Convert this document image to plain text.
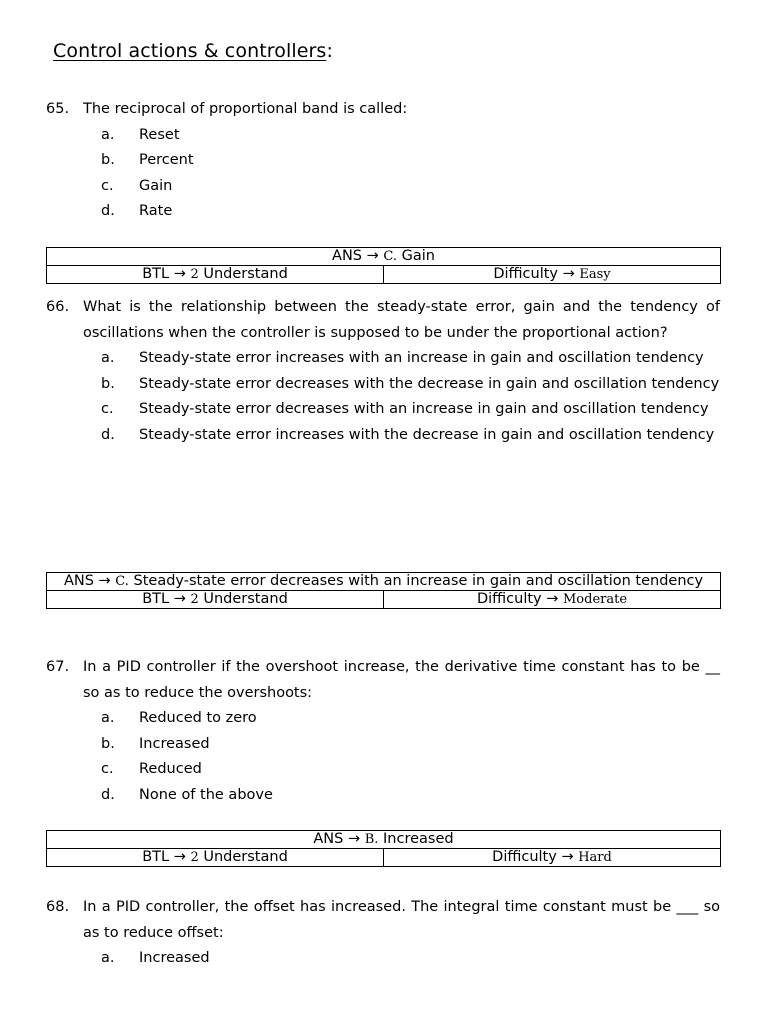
Control actions & controllers:
65. The reciprocal of proportional band is called:
a. Reset
b. Percent
c. Gain
d. Rate
ANS → C. Gain
BTL → 2 Understand	Difficulty → Easy
66. What is the relationship between the steady-state error, gain and the tendency of oscillations when the controller is supposed to be under the proportional action?
a. Steady-state error increases with an increase in gain and oscillation tendency
b. Steady-state error decreases with the decrease in gain and oscillation tendency
c. Steady-state error decreases with an increase in gain and oscillation tendency
d. Steady-state error increases with the decrease in gain and oscillation tendency
ANS → C. Steady-state error decreases with an increase in gain and oscillation tendency
BTL → 2 Understand	Difficulty → Moderate
67. In a PID controller if the overshoot increase, the derivative time constant has to be __ so as to reduce the overshoots:
a. Reduced to zero
b. Increased
c. Reduced
d. None of the above
ANS → B. Increased
BTL → 2 Understand	Difficulty → Hard
68. In a PID controller, the offset has increased. The integral time constant must be ___ so as to reduce offset:
a. Increased
